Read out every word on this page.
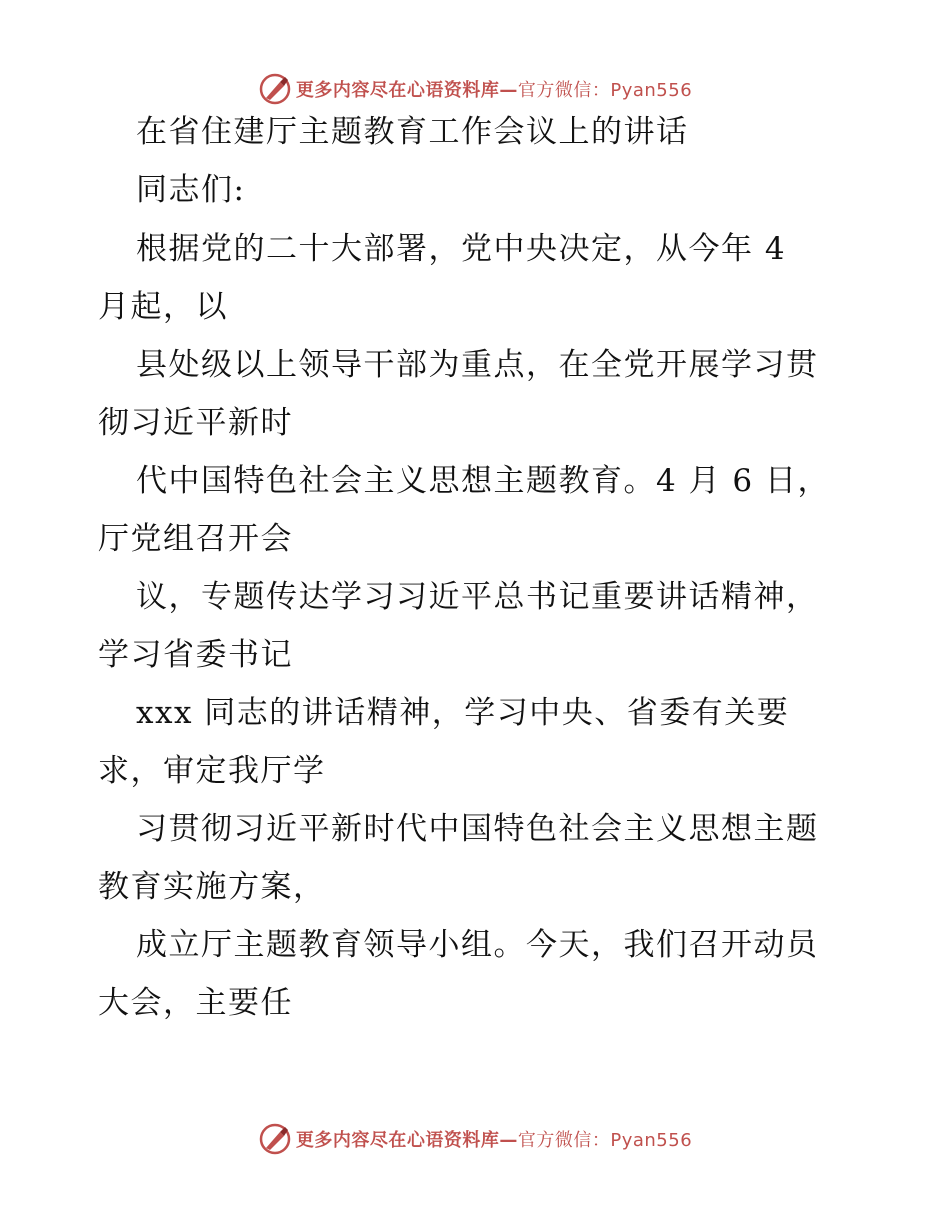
更多内容尽在心语资料库— 官方微信：Pyan556
在省住建厅主题教育工作会议上的讲话
同志们:
根据党的二十大部署，党中央决定，从今年 4
月起，以
县处级以上领导干部为重点，在全党开展学习贯
彻习近平新时
代中国特色社会主义思想主题教育。4 月 6 日，
厅党组召开会
议，专题传达学习习近平总书记重要讲话精神，
学习省委书记
xxx 同志的讲话精神，学习中央、省委有关要
求，审定我厅学
习贯彻习近平新时代中国特色社会主义思想主题
教育实施方案，
成立厅主题教育领导小组。今天，我们召开动员
大会，主要任
更多内容尽在心语资料库— 官方微信：Pyan556
